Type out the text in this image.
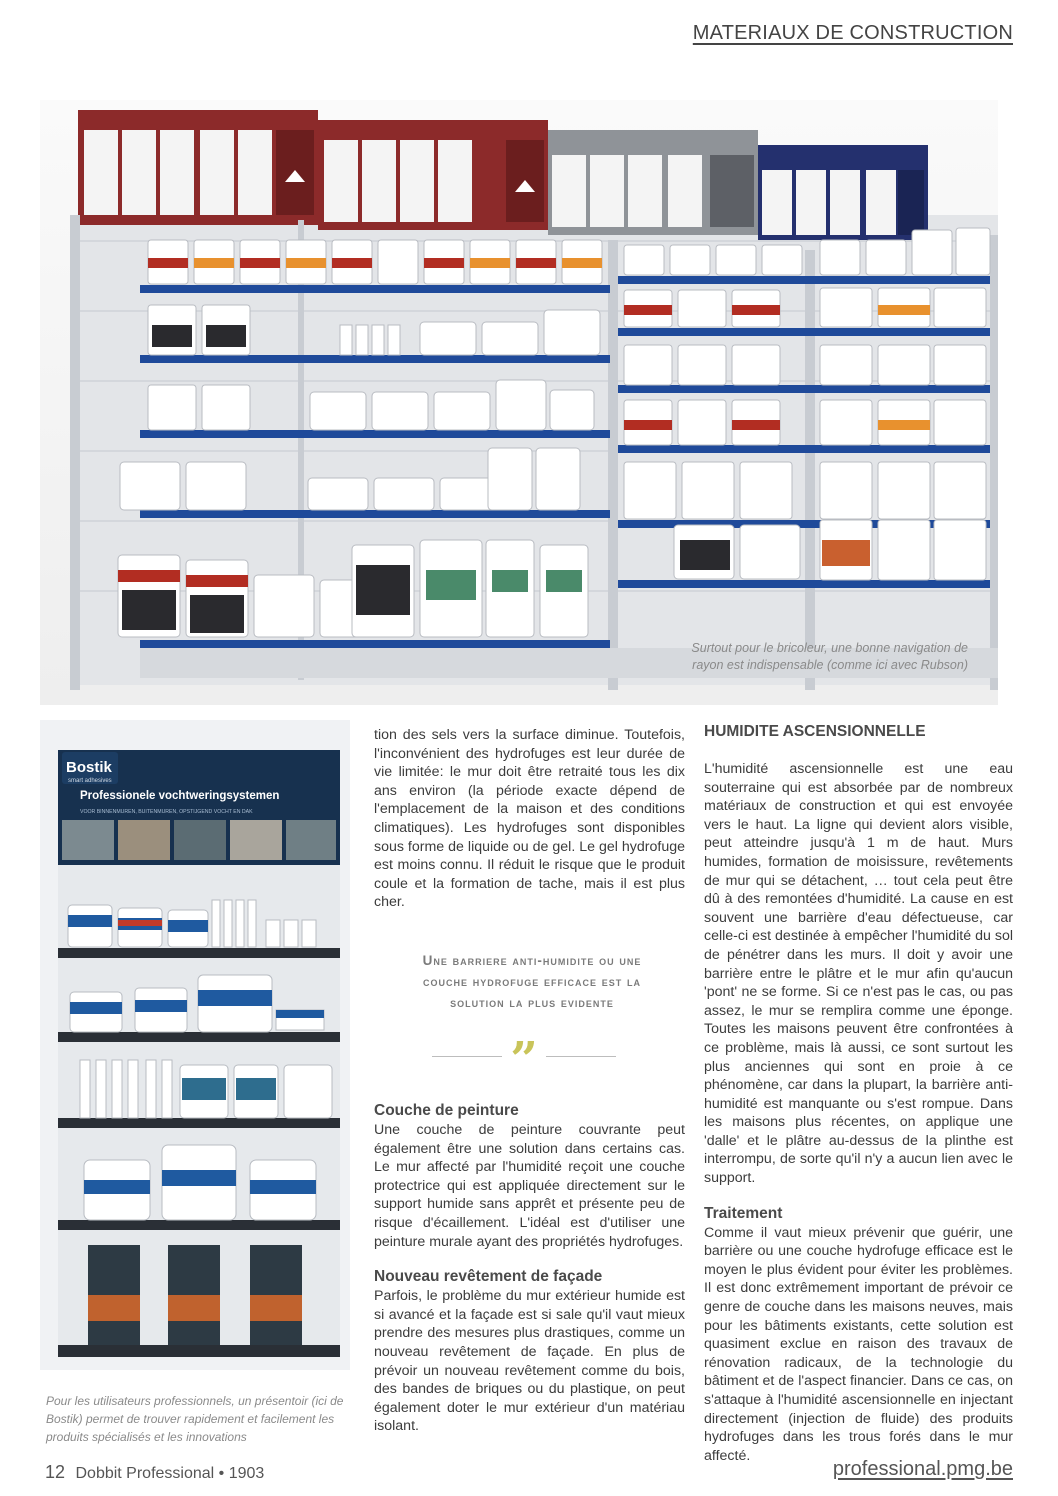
MATERIAUX DE CONSTRUCTION
Surtout pour le bricoleur, une bonne navigation de rayon est indispensable (comme ici avec Rubson)
Bostik
smart adhesives
Professionele vochtweringsystemen
VOOR BINNENMUREN, BUITENMUREN, OPSTIJGEND VOCHT EN DAK
Pour les utilisateurs professionnels, un présentoir (ici de Bostik) permet de trouver rapidement et facilement les produits spécialisés et les innovations

tion des sels vers la surface diminue. Toutefois, l'inconvénient des hydrofuges est leur durée de vie limitée: le mur doit être retraité tous les dix ans environ (la période exacte dépend de l'emplacement de la maison et des conditions climatiques). Les hydrofuges sont disponibles sous forme de liquide ou de gel. Le gel hydrofuge est moins connu. Il réduit le risque que le produit coule et la formation de tache, mais il est plus cher.

Une barriere anti-humidite ou une couche hydrofuge efficace est la solution la plus evidente
”
Couche de peinture

Une couche de peinture couvrante peut également être une solution dans certains cas. Le mur affecté par l'humidité reçoit une couche protectrice qui est appliquée directement sur le support humide sans apprêt et présente peu de risque d'écaillement. L'idéal est d'utiliser une peinture murale ayant des propriétés hydrofuges.

Nouveau revêtement de façade

Parfois, le problème du mur extérieur humide est si avancé et la façade est si sale qu'il vaut mieux prendre des mesures plus drastiques, comme un nouveau revêtement de façade. En plus de prévoir un nouveau revêtement comme du bois, des bandes de briques ou du plastique, on peut également doter le mur extérieur d'un matériau isolant.

HUMIDITE ASCENSIONNELLE

L'humidité ascensionnelle est une eau souterraine qui est absorbée par de nombreux matériaux de construction et qui est envoyée vers le haut. La ligne qui devient alors visible, peut atteindre jusqu'à 1 m de haut. Murs humides, formation de moisissure, revêtements de mur qui se détachent, … tout cela peut être dû à des remontées d'humidité. La cause en est souvent une barrière d'eau défectueuse, car celle-ci est destinée à empêcher l'humidité du sol de pénétrer dans les murs. Il doit y avoir une barrière entre le plâtre et le mur afin qu'aucun 'pont' ne se forme. Si ce n'est pas le cas, ou pas assez, le mur se remplira comme une éponge. Toutes les maisons peuvent être confrontées à ce problème, mais là aussi, ce sont surtout les plus anciennes qui sont en proie à ce phénomène, car dans la plupart, la barrière anti-humidité est manquante ou s'est rompue. Dans les maisons plus récentes, on applique une 'dalle' et le plâtre au-dessus de la plinthe est interrompu, de sorte qu'il n'y a aucun lien avec le support.

Traitement

Comme il vaut mieux prévenir que guérir, une barrière ou une couche hydrofuge efficace est le moyen le plus évident pour éviter les problèmes. Il est donc extrêmement important de prévoir ce genre de couche dans les maisons neuves, mais pour les bâtiments existants, cette solution est quasiment exclue en raison des travaux de rénovation radicaux, de la technologie du bâtiment et de l'aspect financier. Dans ce cas, on s'attaque à l'humidité ascensionnelle en injectant directement (injection de fluide) des produits hydrofuges dans les trous forés dans le mur affecté.

12 Dobbit Professional • 1903	professional.pmg.be
